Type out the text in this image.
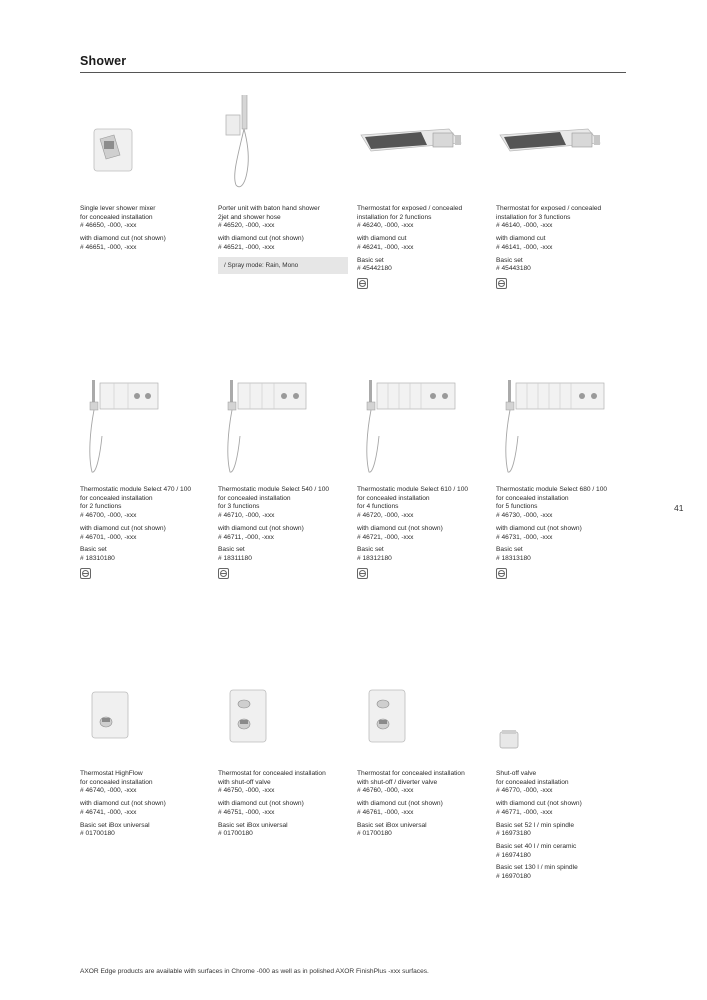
Shower
41
Single lever shower mixer
for concealed installation
# 46650, -000, -xxx
with diamond cut (not shown)
# 46651, -000, -xxx
Porter unit with baton hand shower
2jet and shower hose
# 46520, -000, -xxx
with diamond cut (not shown)
# 46521, -000, -xxx
/ Spray mode: Rain, Mono
Thermostat for exposed / concealed
installation for 2 functions
# 46240, -000, -xxx
with diamond cut
# 46241, -000, -xxx
Basic set
# 45442180
Thermostat for exposed / concealed
installation for 3 functions
# 46140, -000, -xxx
with diamond cut
# 46141, -000, -xxx
Basic set
# 45443180
Thermostatic module Select 470 / 100
for concealed installation
for 2 functions
# 46700, -000, -xxx
with diamond cut (not shown)
# 46701, -000, -xxx
Basic set
# 18310180
Thermostatic module Select 540 / 100
for concealed installation
for 3 functions
# 46710, -000, -xxx
with diamond cut (not shown)
# 46711, -000, -xxx
Basic set
# 18311180
Thermostatic module Select 610 / 100
for concealed installation
for 4 functions
# 46720, -000, -xxx
with diamond cut (not shown)
# 46721, -000, -xxx
Basic set
# 18312180
Thermostatic module Select 680 / 100
for concealed installation
for 5 functions
# 46730, -000, -xxx
with diamond cut (not shown)
# 46731, -000, -xxx
Basic set
# 18313180
Thermostat HighFlow
for concealed installation
# 46740, -000, -xxx
with diamond cut (not shown)
# 46741, -000, -xxx
Basic set iBox universal
# 01700180
Thermostat for concealed installation
with shut-off valve
# 46750, -000, -xxx
with diamond cut (not shown)
# 46751, -000, -xxx
Basic set iBox universal
# 01700180
Thermostat for concealed installation
with shut-off / diverter valve
# 46760, -000, -xxx
with diamond cut (not shown)
# 46761, -000, -xxx
Basic set iBox universal
# 01700180
Shut-off valve
for concealed installation
# 46770, -000, -xxx
with diamond cut (not shown)
# 46771, -000, -xxx
Basic set 52 l / min spindle
# 16973180
Basic set 40 l / min ceramic
# 16974180
Basic set 130 l / min spindle
# 16970180
AXOR Edge products are available with surfaces in Chrome -000 as well as in polished AXOR FinishPlus -xxx surfaces.
